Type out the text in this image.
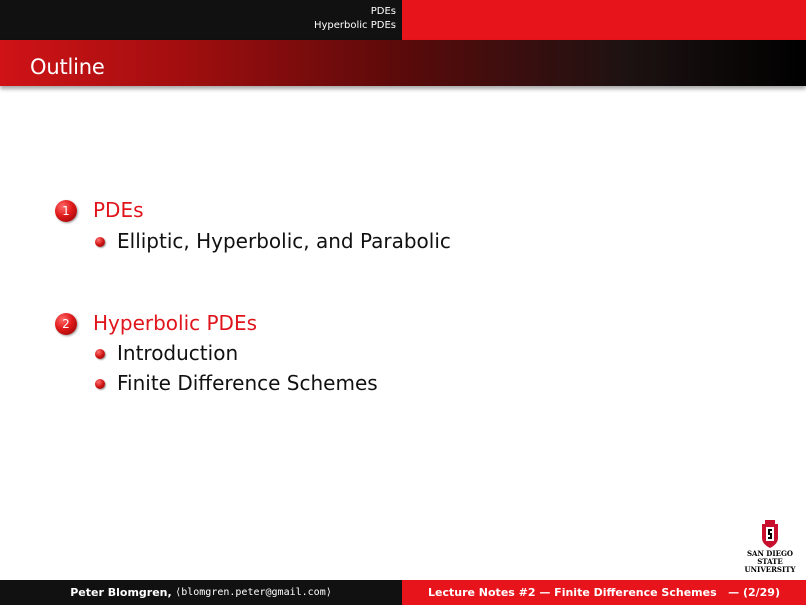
PDEs
Hyperbolic PDEs
Outline
1	PDEs
Elliptic, Hyperbolic, and Parabolic
2	Hyperbolic PDEs
Introduction
Finite Difference Schemes
SAN DIEGO STATE
UNIVERSITY
Peter Blomgren,
⟨blomgren.peter@gmail.com⟩	Lecture Notes #2 — Finite Difference Schemes
— (2/29)
